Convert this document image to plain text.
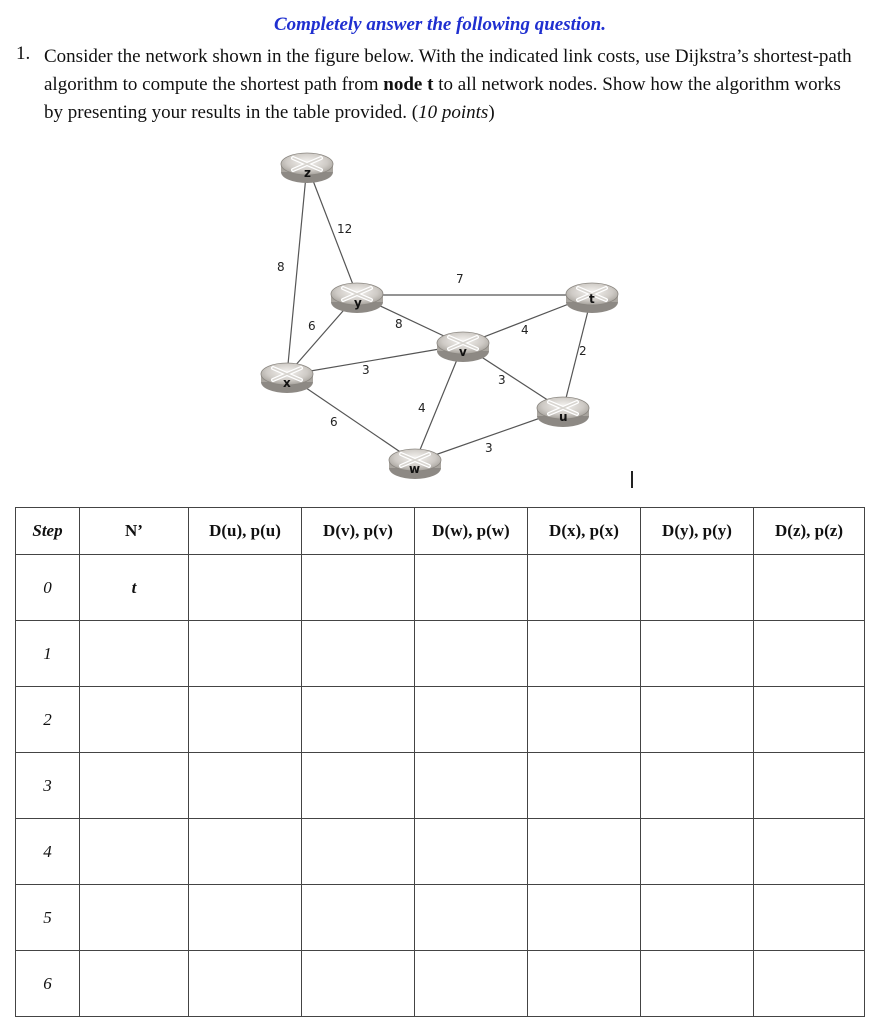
Completely answer the following question.
1. Consider the network shown in the figure below. With the indicated link costs, use Dijkstra’s shortest-path algorithm to compute the shortest path from node t to all network nodes. Show how the algorithm works by presenting your results in the table provided. (10 points)
12
8
7
6	8	4
2
3
3
6
4
3
z
y	t
v
x
u
w
Step	N’	D(u), p(u)	D(v), p(v)	D(w), p(w)	D(x), p(x)	D(y), p(y)	D(z), p(z)
0	t						
1							
2							
3							
4							
5							
6							
